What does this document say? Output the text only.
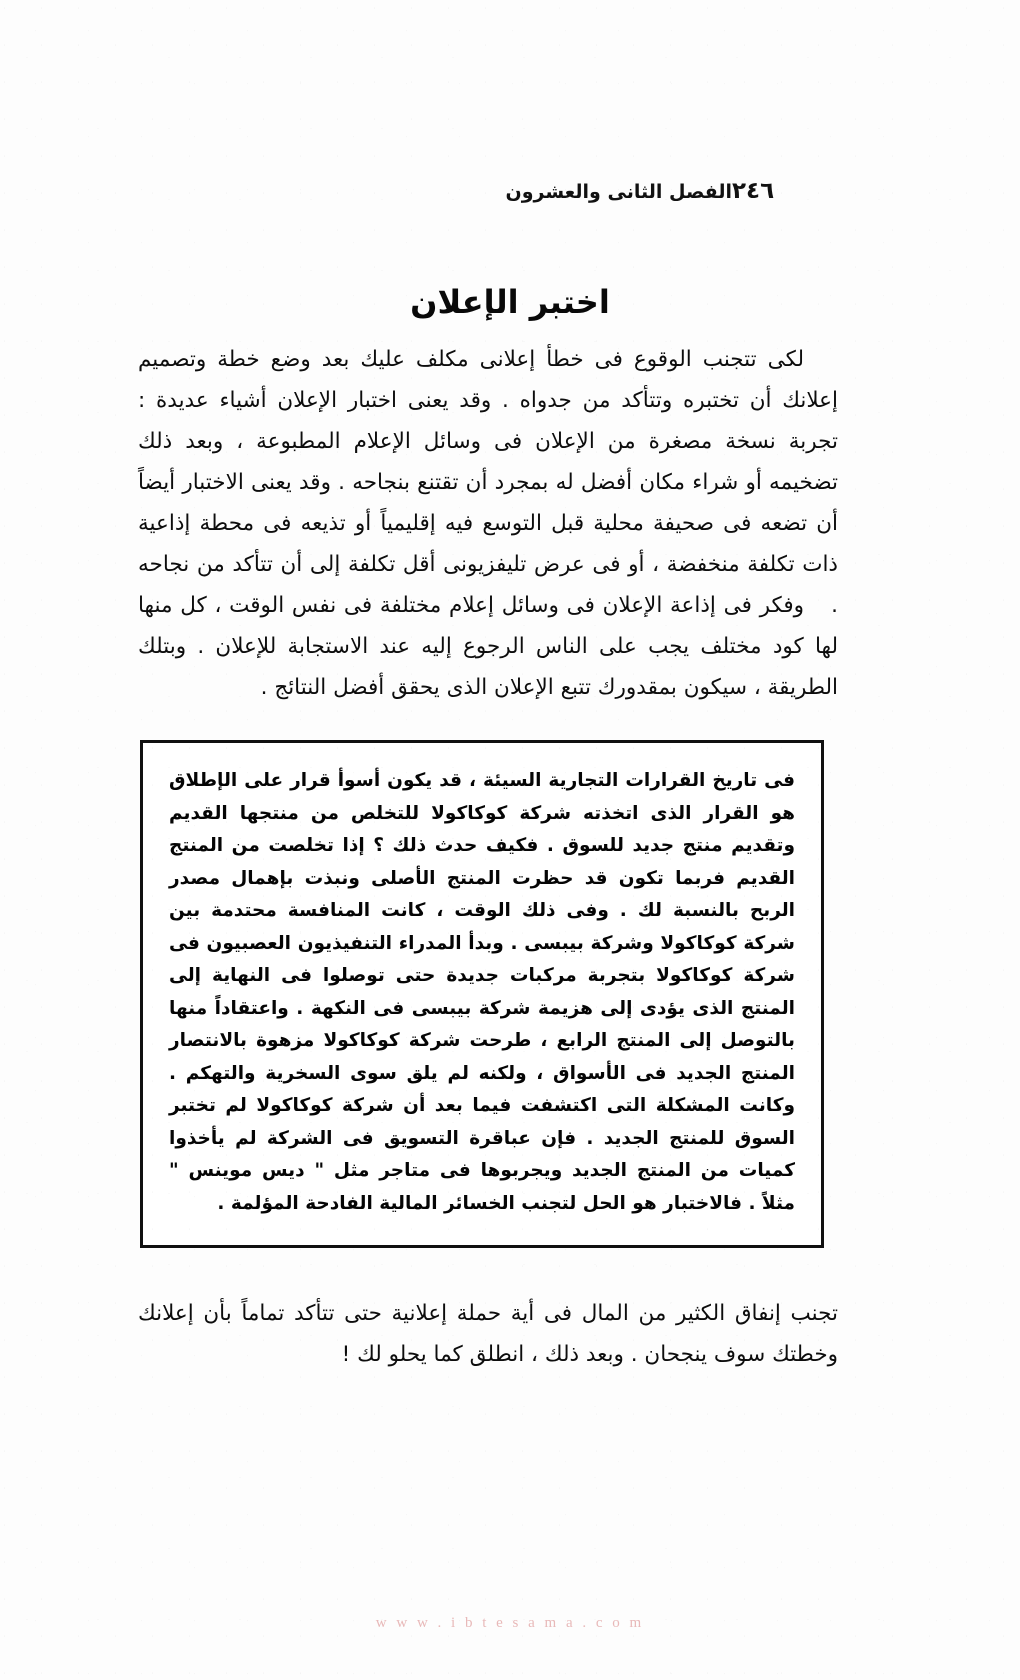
٢٤٦
الفصل الثانى والعشرون
اختبر الإعلان

لكى تتجنب الوقوع فى خطأ إعلانى مكلف عليك بعد وضع خطة وتصميم إعلانك أن تختبره وتتأكد من جدواه . وقد يعنى اختبار الإعلان أشياء عديدة : تجربة نسخة مصغرة من الإعلان فى وسائل الإعلام المطبوعة ، وبعد ذلك تضخيمه أو شراء مكان أفضل له بمجرد أن تقتنع بنجاحه . وقد يعنى الاختبار أيضاً أن تضعه فى صحيفة محلية قبل التوسع فيه إقليمياً أو تذيعه فى محطة إذاعية ذات تكلفة منخفضة ، أو فى عرض تليفزيونى أقل تكلفة إلى أن تتأكد من نجاحه .

وفكر فى إذاعة الإعلان فى وسائل إعلام مختلفة فى نفس الوقت ، كل منها لها كود مختلف يجب على الناس الرجوع إليه عند الاستجابة للإعلان . وبتلك الطريقة ، سيكون بمقدورك تتبع الإعلان الذى يحقق أفضل النتائج .

فى تاريخ القرارات التجارية السيئة ، قد يكون أسوأ قرار على الإطلاق هو القرار الذى اتخذته شركة كوكاكولا للتخلص من منتجها القديم وتقديم منتج جديد للسوق . فكيف حدث ذلك ؟ إذا تخلصت من المنتج القديم فربما تكون قد حظرت المنتج الأصلى ونبذت بإهمال مصدر الربح بالنسبة لك . وفى ذلك الوقت ، كانت المنافسة محتدمة بين شركة كوكاكولا وشركة بيبسى . وبدأ المدراء التنفيذيون العصبيون فى شركة كوكاكولا بتجربة مركبات جديدة حتى توصلوا فى النهاية إلى المنتج الذى يؤدى إلى هزيمة شركة بيبسى فى النكهة . واعتقاداً منها بالتوصل إلى المنتج الرابع ، طرحت شركة كوكاكولا مزهوة بالانتصار المنتج الجديد فى الأسواق ، ولكنه لم يلق سوى السخرية والتهكم . وكانت المشكلة التى اكتشفت فيما بعد أن شركة كوكاكولا لم تختبر السوق للمنتج الجديد . فإن عباقرة التسويق فى الشركة لم يأخذوا كميات من المنتج الجديد ويجربوها فى متاجر مثل " ديس موينس " مثلاً . فالاختبار هو الحل لتجنب الخسائر المالية الفادحة المؤلمة .

تجنب إنفاق الكثير من المال فى أية حملة إعلانية حتى تتأكد تماماً بأن إعلانك وخطتك سوف ينجحان . وبعد ذلك ، انطلق كما يحلو لك !

w w w . i b t e s a m a . c o m
